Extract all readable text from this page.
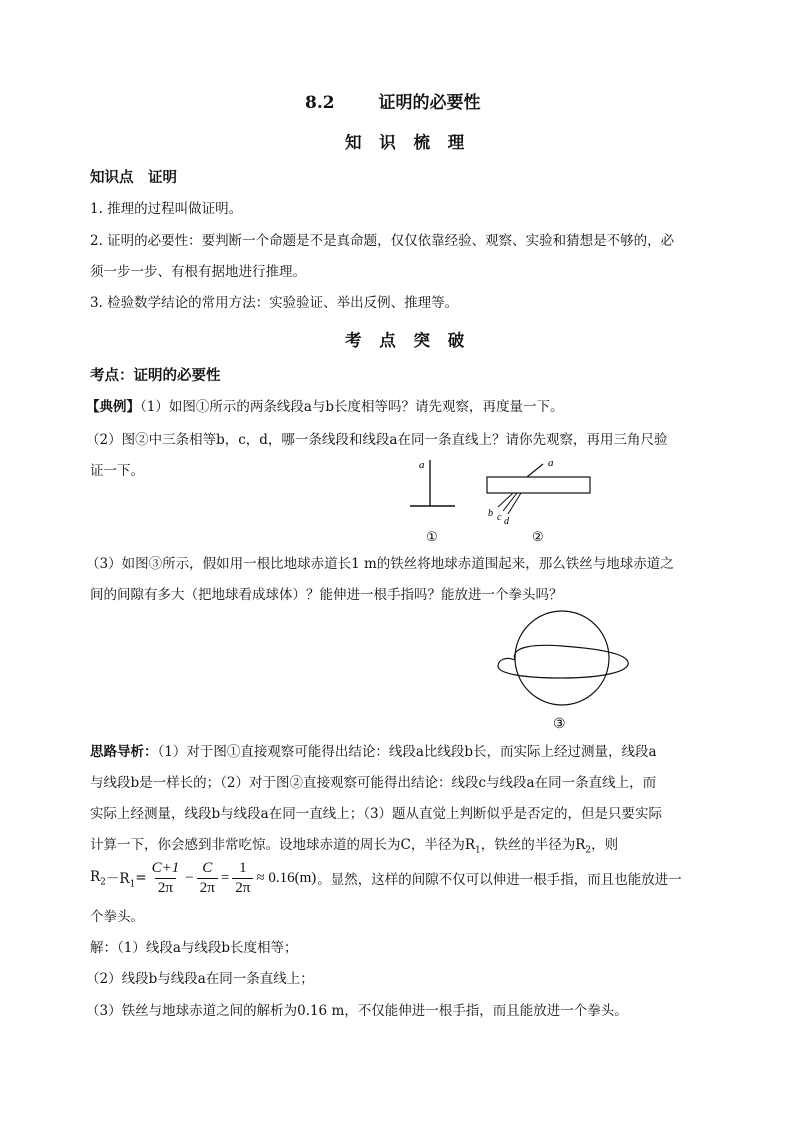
8.2	证明的必要性
知 识 梳 理
知识点　证明
1. 推理的过程叫做证明。
2. 证明的必要性：要判断一个命题是不是真命题，仅仅依靠经验、观察、实验和猜想是不够的，必
须一步一步、有根有据地进行推理。
3. 检验数学结论的常用方法：实验验证、举出反例、推理等。
考 点 突 破
考点：证明的必要性
【典例】（1）如图①所示的两条线段a与b长度相等吗？请先观察，再度量一下。
（2）图②中三条相等b，c，d，哪一条线段和线段a在同一条直线上？请你先观察，再用三角尺验
证一下。	a
①
a
b c d
②
（3）如图③所示，假如用一根比地球赤道长1 m的铁丝将地球赤道围起来，那么铁丝与地球赤道之
间的间隙有多大（把地球看成球体）？能伸进一根手指吗？能放进一个拳头吗？
③
思路导析：（1）对于图①直接观察可能得出结论：线段a比线段b长，而实际上经过测量，线段a
与线段b是一样长的；（2）对于图②直接观察可能得出结论：线段c与线段a在同一条直线上，而
实际上经测量，线段b与线段a在同一直线上；（3）题从直觉上判断似乎是否定的，但是只要实际
计算一下，你会感到非常吃惊。设地球赤道的周长为C，半径为$R_1$，铁丝的半径为$R_2$，则
$R_2 -R_1 = \frac{C+1}{2\pi} - \frac{C}{2\pi} = \frac{1}{2\pi} \approx 0.16(m)$ 。显然，这样的间隙不仅可以伸进一根手指，而且也能放进一
个拳头。
解：（1）线段a与线段b长度相等；
（2）线段b与线段a在同一条直线上；
（3）铁丝与地球赤道之间的解析为0.16 m，不仅能伸进一根手指，而且能放进一个拳头。
